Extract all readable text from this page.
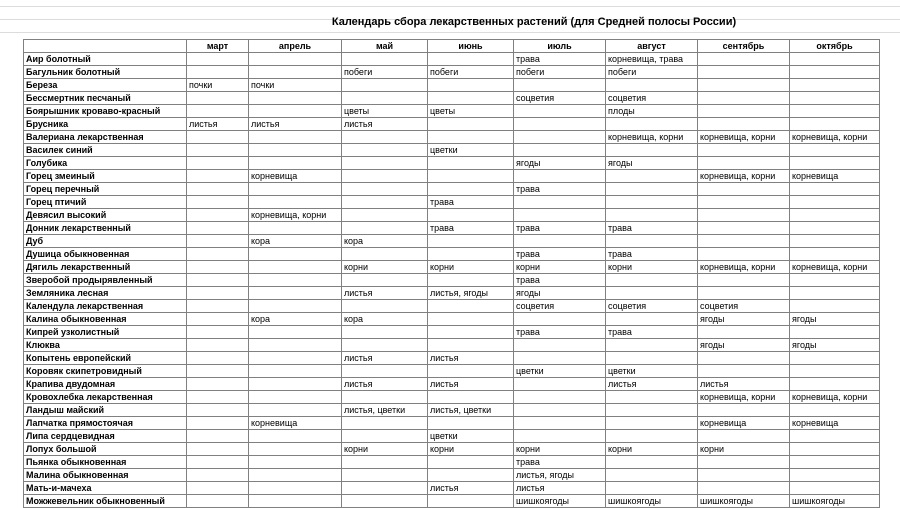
Календарь сбора лекарственных растений (для Средней полосы России)
	март	апрель	май	июнь	июль	август	сентябрь	октябрь
Аир болотный					трава	корневища, трава		
Багульник болотный			побеги	побеги	побеги	побеги		
Береза	почки	почки						
Бессмертник песчаный					соцветия	соцветия		
Боярышник кроваво-красный			цветы	цветы		плоды		
Брусника	листья	листья	листья					
Валериана лекарственная						корневища, корни	корневища, корни	корневища, корни
Василек синий				цветки				
Голубика					ягоды	ягоды		
Горец змеиный		корневища					корневища, корни	корневища
Горец перечный					трава			
Горец птичий				трава				
Девясил высокий		корневища, корни						
Донник лекарственный				трава	трава	трава		
Дуб		кора	кора					
Душица обыкновенная					трава	трава		
Дягиль лекарственный			корни	корни	корни	корни	корневища, корни	корневища, корни
Зверобой продырявленный					трава			
Земляника лесная			листья	листья, ягоды	ягоды			
Календула лекарственная					соцветия	соцветия	соцветия	
Калина обыкновенная		кора	кора				ягоды	ягоды
Кипрей узколистный					трава	трава		
Клюква							ягоды	ягоды
Копытень европейский			листья	листья				
Коровяк скипетровидный					цветки	цветки		
Крапива двудомная			листья	листья		листья	листья	
Кровохлебка лекарственная							корневища, корни	корневища, корни
Ландыш майский			листья, цветки	листья, цветки				
Лапчатка прямостоячая		корневища					корневища	корневища
Липа сердцевидная				цветки				
Лопух большой			корни	корни	корни	корни	корни	
Пьянка обыкновенная					трава			
Малина обыкновенная					листья, ягоды			
Мать-и-мачеха				листья	листья			
Можжевельник обыкновенный					шишкоягоды	шишкоягоды	шишкоягоды	шишкоягоды
